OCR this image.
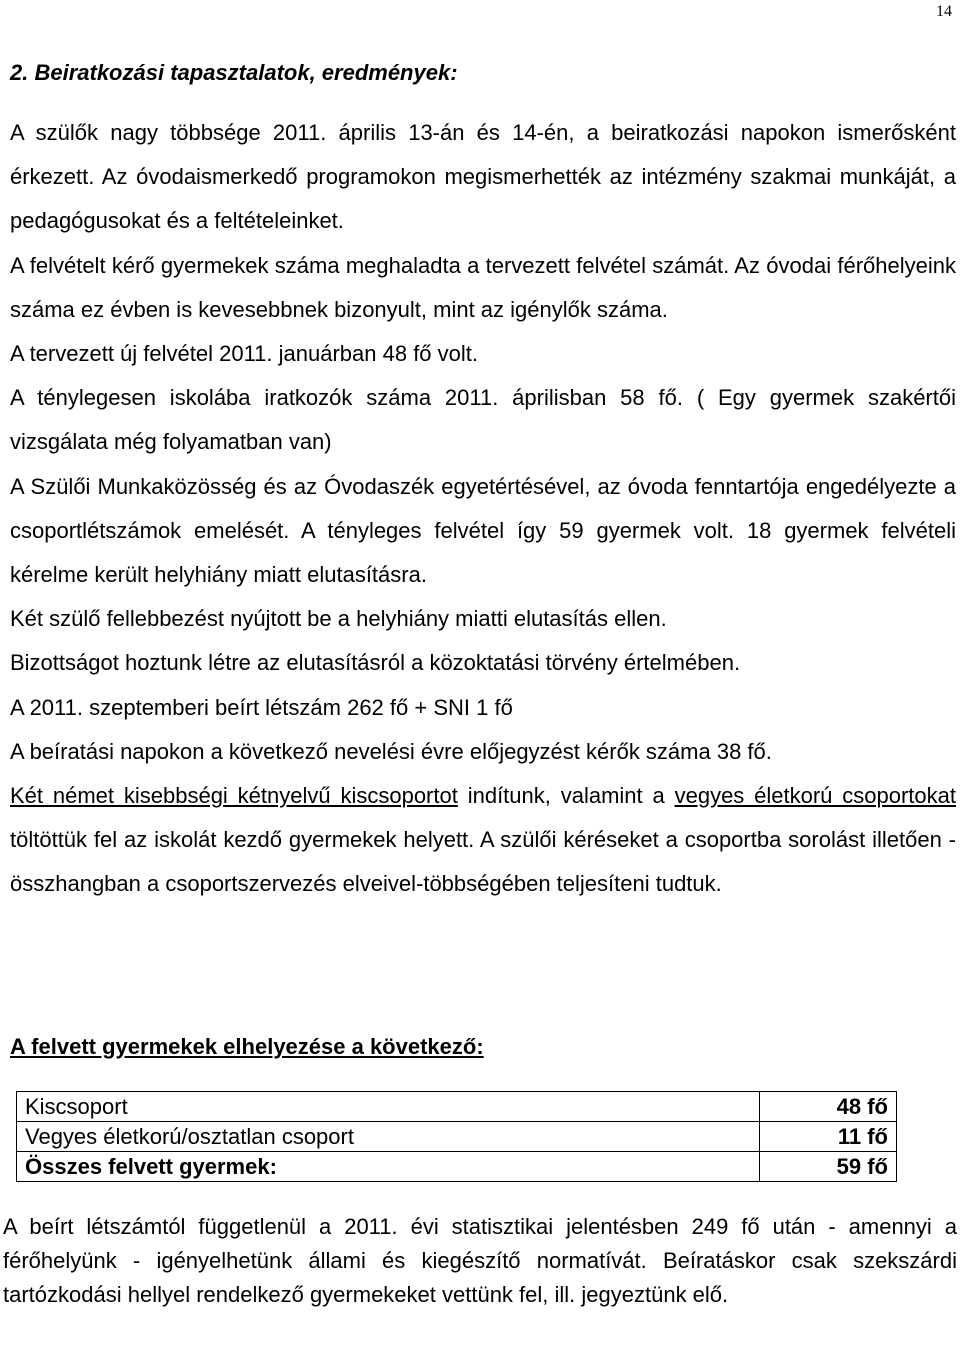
14
2. Beiratkozási tapasztalatok, eredmények:

A szülők nagy többsége 2011. április 13-án és 14-én, a beiratkozási napokon ismerősként érkezett. Az óvodaismerkedő programokon megismerhették az intézmény szakmai munkáját, a pedagógusokat és a feltételeinket.

A felvételt kérő gyermekek száma meghaladta a tervezett felvétel számát. Az óvodai férőhelyeink száma ez évben is kevesebbnek bizonyult, mint az igénylők száma.

A tervezett új felvétel 2011. januárban 48 fő volt.

A ténylegesen iskolába iratkozók száma 2011. áprilisban 58 fő. ( Egy gyermek szakértői vizsgálata még folyamatban van)

A Szülői Munkaközösség és az Óvodaszék egyetértésével, az óvoda fenntartója engedélyezte a csoportlétszámok emelését. A tényleges felvétel így 59 gyermek volt. 18 gyermek felvételi kérelme került helyhiány miatt elutasításra.

Két szülő fellebbezést nyújtott be a helyhiány miatti elutasítás ellen.

Bizottságot hoztunk létre az elutasításról a közoktatási törvény értelmében.

A 2011. szeptemberi beírt létszám 262 fő + SNI 1 fő

A beíratási napokon a következő nevelési évre előjegyzést kérők száma 38 fő.

Két német kisebbségi kétnyelvű kiscsoportot indítunk, valamint a vegyes életkorú csoportokat töltöttük fel az iskolát kezdő gyermekek helyett. A szülői kéréseket a csoportba sorolást illetően - összhangban a csoportszervezés elveivel-többségében teljesíteni tudtuk.

A felvett gyermekek elhelyezése a következő:
Kiscsoport	48 fő
Vegyes életkorú/osztatlan csoport	11 fő
Összes felvett gyermek:	59 fő

A beírt létszámtól függetlenül a 2011. évi statisztikai jelentésben 249 fő után - amennyi a férőhelyünk - igényelhetünk állami és kiegészítő normatívát. Beíratáskor csak szekszárdi tartózkodási hellyel rendelkező gyermekeket vettünk fel, ill. jegyeztünk elő.
